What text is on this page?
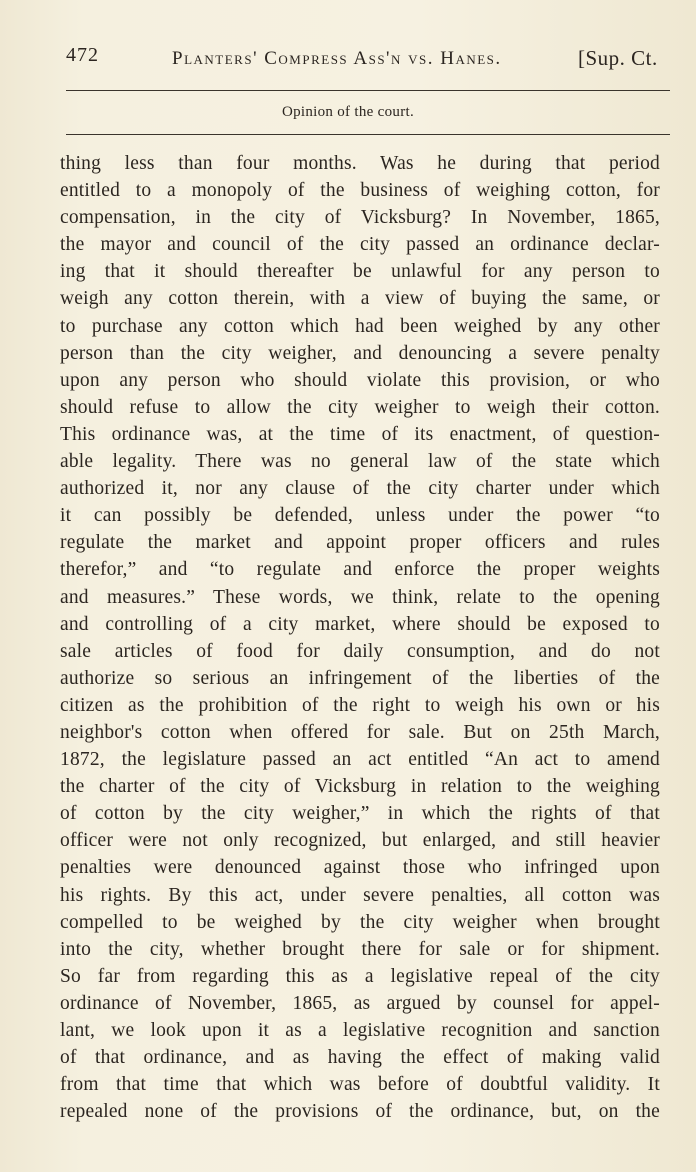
472	Planters' Compress Ass'n vs. Hanes.	[Sup. Ct.
Opinion of the court.
thing less than four months. Was he during that period
entitled to a monopoly of the business of weighing cotton, for
compensation, in the city of Vicksburg? In November, 1865,
the mayor and council of the city passed an ordinance declar-
ing that it should thereafter be unlawful for any person to
weigh any cotton therein, with a view of buying the same, or
to purchase any cotton which had been weighed by any other
person than the city weigher, and denouncing a severe penalty
upon any person who should violate this provision, or who
should refuse to allow the city weigher to weigh their cotton.
This ordinance was, at the time of its enactment, of question-
able legality. There was no general law of the state which
authorized it, nor any clause of the city charter under which
it can possibly be defended, unless under the power “to
regulate the market and appoint proper officers and rules
therefor,” and “to regulate and enforce the proper weights
and measures.” These words, we think, relate to the opening
and controlling of a city market, where should be exposed to
sale articles of food for daily consumption, and do not
authorize so serious an infringement of the liberties of the
citizen as the prohibition of the right to weigh his own or his
neighbor's cotton when offered for sale. But on 25th March,
1872, the legislature passed an act entitled “An act to amend
the charter of the city of Vicksburg in relation to the weighing
of cotton by the city weigher,” in which the rights of that
officer were not only recognized, but enlarged, and still heavier
penalties were denounced against those who infringed upon
his rights. By this act, under severe penalties, all cotton was
compelled to be weighed by the city weigher when brought
into the city, whether brought there for sale or for shipment.
So far from regarding this as a legislative repeal of the city
ordinance of November, 1865, as argued by counsel for appel-
lant, we look upon it as a legislative recognition and sanction
of that ordinance, and as having the effect of making valid
from that time that which was before of doubtful validity. It
repealed none of the provisions of the ordinance, but, on the
